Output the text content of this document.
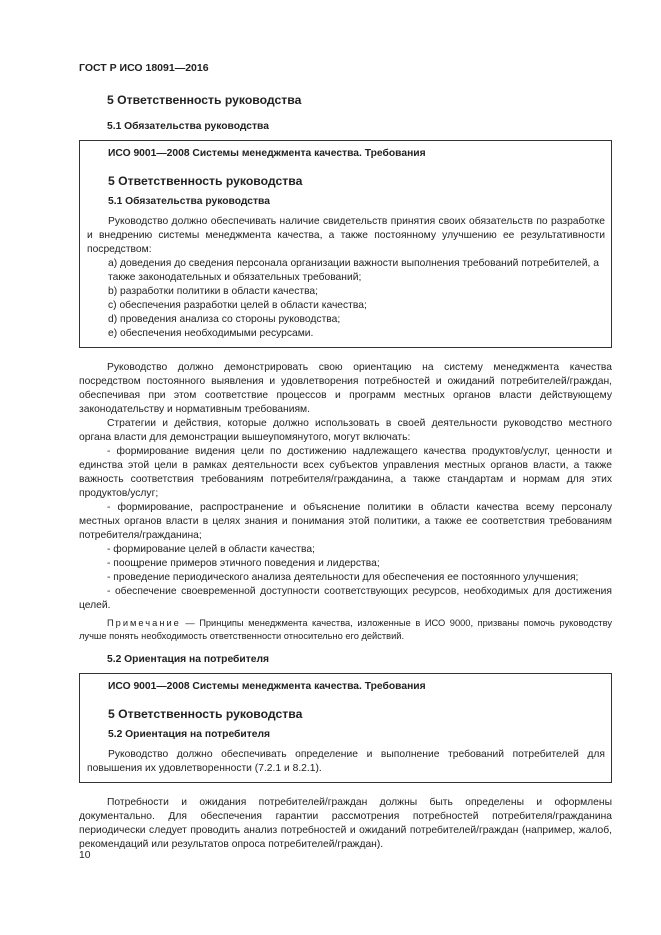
ГОСТ Р ИСО 18091—2016
5 Ответственность руководства
5.1 Обязательства руководства
ИСО 9001—2008 Системы менеджмента качества. Требования
5 Ответственность руководства
5.1 Обязательства руководства
Руководство должно обеспечивать наличие свидетельств принятия своих обязательств по разработке и внедрению системы менеджмента качества, а также постоянному улучшению ее результативности посредством:
a) доведения до сведения персонала организации важности выполнения требований потребителей, а также законодательных и обязательных требований;
b) разработки политики в области качества;
c) обеспечения разработки целей в области качества;
d) проведения анализа со стороны руководства;
e) обеспечения необходимыми ресурсами.
Руководство должно демонстрировать свою ориентацию на систему менеджмента качества посредством постоянного выявления и удовлетворения потребностей и ожиданий потребителей/граждан, обеспечивая при этом соответствие процессов и программ местных органов власти действующему законодательству и нормативным требованиям.
Стратегии и действия, которые должно использовать в своей деятельности руководство местного органа власти для демонстрации вышеупомянутого, могут включать:
- формирование видения цели по достижению надлежащего качества продуктов/услуг, ценности и единства этой цели в рамках деятельности всех субъектов управления местных органов власти, а также важность соответствия требованиям потребителя/гражданина, а также стандартам и нормам для этих продуктов/услуг;
- формирование, распространение и объяснение политики в области качества всему персоналу местных органов власти в целях знания и понимания этой политики, а также ее соответствия требованиям потребителя/гражданина;
- формирование целей в области качества;
- поощрение примеров этичного поведения и лидерства;
- проведение периодического анализа деятельности для обеспечения ее постоянного улучшения;
- обеспечение своевременной доступности соответствующих ресурсов, необходимых для достижения целей.
Примечание — Принципы менеджмента качества, изложенные в ИСО 9000, призваны помочь руководству лучше понять необходимость ответственности относительно его действий.
5.2 Ориентация на потребителя
ИСО 9001—2008 Системы менеджмента качества. Требования
5 Ответственность руководства
5.2 Ориентация на потребителя
Руководство должно обеспечивать определение и выполнение требований потребителей для повышения их удовлетворенности (7.2.1 и 8.2.1).
Потребности и ожидания потребителей/граждан должны быть определены и оформлены документально. Для обеспечения гарантии рассмотрения потребностей потребителя/гражданина периодически следует проводить анализ потребностей и ожиданий потребителей/граждан (например, жалоб, рекомендаций или результатов опроса потребителей/граждан).
10
